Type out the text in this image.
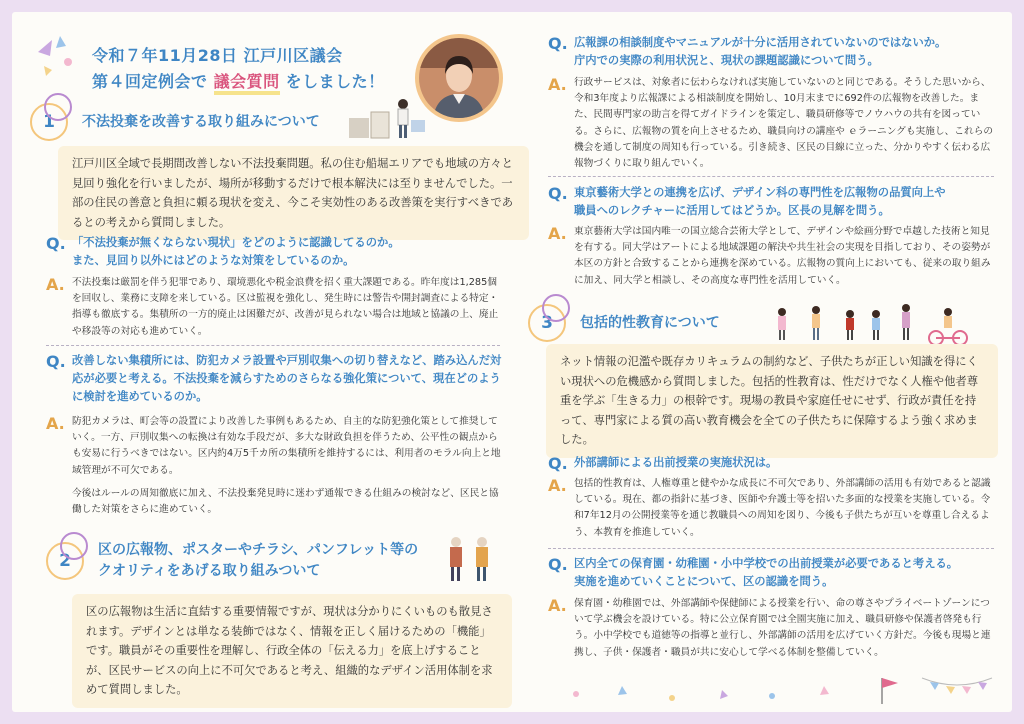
令和７年11月28日 江戸川区議会
第４回定例会で 議会質問 をしました！
1 不法投棄を改善する取り組みについて
江戸川区全域で長期間改善しない不法投棄問題。私の住む船堀エリアでも地域の方々と見回り強化を行いましたが、場所が移動するだけで根本解決には至りませんでした。一部の住民の善意と負担に頼る現状を変え、今こそ実効性のある改善策を実行すべきであるとの考えから質問しました。
Q. 「不法投棄が無くならない現状」をどのように認識してるのか。
また、見回り以外にはどのような対策をしているのか。
A. 不法投棄は厳罰を伴う犯罪であり、環境悪化や税金浪費を招く重大課題である。昨年度は1,285個を回収し、業務に支障を来している。区は監視を強化し、発生時には警告や開封調査による特定・指導も徹底する。集積所の一方的廃止は困難だが、改善が見られない場合は地域と協議の上、廃止や移設等の対応も進めていく。
Q. 改善しない集積所には、防犯カメラ設置や戸別収集への切り替えなど、踏み込んだ対応が必要と考える。不法投棄を減らすためのさらなる強化策について、現在どのように検討を進めているのか。
A. 防犯カメラは、町会等の設置により改善した事例もあるため、自主的な防犯強化策として推奨していく。一方、戸別収集への転換は有効な手段だが、多大な財政負担を伴うため、公平性の観点からも安易に行うべきではない。区内約4万5千カ所の集積所を維持するには、利用者のモラル向上と地域管理が不可欠である。

今後はルールの周知徹底に加え、不法投棄発見時に迷わず通報できる仕組みの検討など、区民と協働した対策をさらに進めていく。

2
区の広報物、ポスターやチラシ、パンフレット等の
クオリティをあげる取り組みついて
区の広報物は生活に直結する重要情報ですが、現状は分かりにくいものも散見されます。デザインとは単なる装飾ではなく、情報を正しく届けるための「機能」です。職員がその重要性を理解し、行政全体の「伝える力」を底上げすることが、区民サービスの向上に不可欠であると考え、組織的なデザイン活用体制を求めて質問しました。
Q. 広報課の相談制度やマニュアルが十分に活用されていないのではないか。
庁内での実際の利用状況と、現状の課題認識について問う。
A. 行政サービスは、対象者に伝わらなければ実施していないのと同じである。そうした思いから、令和3年度より広報課による相談制度を開始し、10月末までに692件の広報物を改善した。また、民間専門家の助言を得てガイドラインを策定し、職員研修等でノウハウの共有を図っている。さらに、広報物の質を向上させるため、職員向けの講座や ｅラーニングも実施し、これらの機会を通して制度の周知も行っている。引き続き、区民の目線に立った、分かりやすく伝わる広報物づくりに取り組んでいく。
Q. 東京藝術大学との連携を広げ、デザイン科の専門性を広報物の品質向上や
職員へのレクチャーに活用してはどうか。区長の見解を問う。
A. 東京藝術大学は国内唯一の国立総合芸術大学として、デザインや絵画分野で卓越した技術と知見を有する。同大学はアートによる地域課題の解決や共生社会の実現を目指しており、その姿勢が本区の方針と合致することから連携を深めている。広報物の質向上においても、従来の取り組みに加え、同大学と相談し、その高度な専門性を活用していく。
3 包括的性教育について
ネット情報の氾濫や既存カリキュラムの制約など、子供たちが正しい知識を得にくい現状への危機感から質問しました。包括的性教育は、性だけでなく人権や他者尊重を学ぶ「生きる力」の根幹です。現場の教員や家庭任せにせず、行政が責任を持って、専門家による質の高い教育機会を全ての子供たちに保障するよう強く求めました。
Q. 外部講師による出前授業の実施状況は。
A. 包括的性教育は、人権尊重と健やかな成長に不可欠であり、外部講師の活用も有効であると認識している。現在、都の指針に基づき、医師や弁護士等を招いた多面的な授業を実施している。令和7年12月の公開授業等を通じ教職員への周知を図り、今後も子供たちが互いを尊重し合えるよう、本教育を推進していく。
Q. 区内全ての保育園・幼稚園・小中学校での出前授業が必要であると考える。
実施を進めていくことについて、区の認識を問う。
A. 保育園・幼稚園では、外部講師や保健師による授業を行い、命の尊さやプライベートゾーンについて学ぶ機会を設けている。特に公立保育園では全園実施に加え、職員研修や保護者啓発も行う。小中学校でも道徳等の指導と並行し、外部講師の活用を広げていく方針だ。今後も現場と連携し、子供・保護者・職員が共に安心して学べる体制を整備していく。
